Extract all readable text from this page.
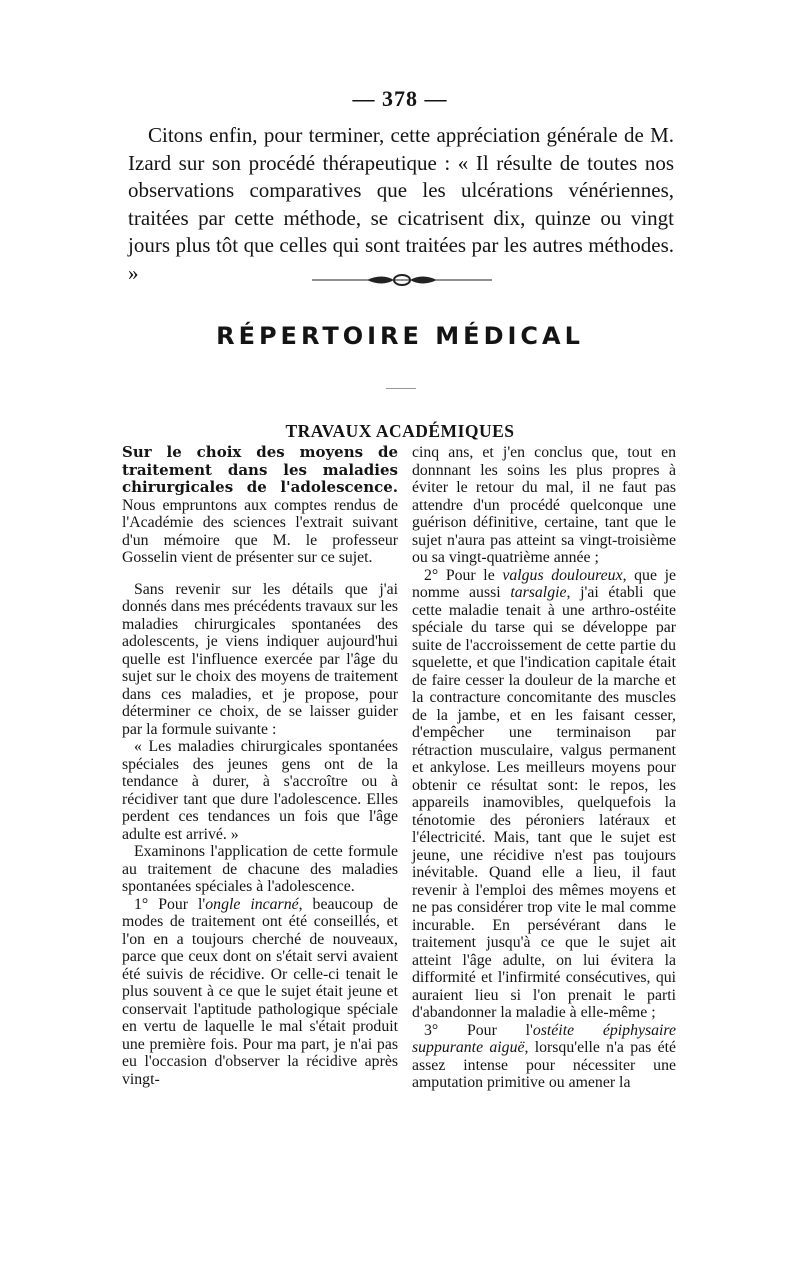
— 378 —

Citons enfin, pour terminer, cette appréciation générale de M. Izard sur son procédé thérapeutique : « Il résulte de toutes nos observations comparatives que les ulcérations vénériennes, traitées par cette méthode, se cicatrisent dix, quinze ou vingt jours plus tôt que celles qui sont traitées par les autres méthodes. »

RÉPERTOIRE MÉDICAL
TRAVAUX ACADÉMIQUES

Sur le choix des moyens de traitement dans les maladies chirurgicales de l'adolescence. Nous empruntons aux comptes rendus de l'Académie des sciences l'extrait suivant d'un mémoire que M. le professeur Gosselin vient de présenter sur ce sujet.

Sans revenir sur les détails que j'ai donnés dans mes précédents travaux sur les maladies chirurgicales spontanées des adolescents, je viens indiquer aujourd'hui quelle est l'influence exercée par l'âge du sujet sur le choix des moyens de traitement dans ces maladies, et je propose, pour déterminer ce choix, de se laisser guider par la formule suivante :

« Les maladies chirurgicales spontanées spéciales des jeunes gens ont de la tendance à durer, à s'accroître ou à récidiver tant que dure l'adolescence. Elles perdent ces tendances un fois que l'âge adulte est arrivé. »

Examinons l'application de cette formule au traitement de chacune des maladies spontanées spéciales à l'adolescence.

1° Pour l'ongle incarné, beaucoup de modes de traitement ont été conseillés, et l'on en a toujours cherché de nouveaux, parce que ceux dont on s'était servi avaient été suivis de récidive. Or celle-ci tenait le plus souvent à ce que le sujet était jeune et conservait l'aptitude pathologique spéciale en vertu de laquelle le mal s'était produit une première fois. Pour ma part, je n'ai pas eu l'occasion d'observer la récidive après vingt-

cinq ans, et j'en conclus que, tout en donnnant les soins les plus propres à éviter le retour du mal, il ne faut pas attendre d'un procédé quelconque une guérison définitive, certaine, tant que le sujet n'aura pas atteint sa vingt-troisième ou sa vingt-quatrième année ;

2° Pour le valgus douloureux, que je nomme aussi tarsalgie, j'ai établi que cette maladie tenait à une arthro-ostéite spéciale du tarse qui se développe par suite de l'accroissement de cette partie du squelette, et que l'indication capitale était de faire cesser la douleur de la marche et la contracture concomitante des muscles de la jambe, et en les faisant cesser, d'empêcher une terminaison par rétraction musculaire, valgus permanent et ankylose. Les meilleurs moyens pour obtenir ce résultat sont: le repos, les appareils inamovibles, quelquefois la ténotomie des péroniers latéraux et l'électricité. Mais, tant que le sujet est jeune, une récidive n'est pas toujours inévitable. Quand elle a lieu, il faut revenir à l'emploi des mêmes moyens et ne pas considérer trop vite le mal comme incurable. En persévérant dans le traitement jusqu'à ce que le sujet ait atteint l'âge adulte, on lui évitera la difformité et l'infirmité consécutives, qui auraient lieu si l'on prenait le parti d'abandonner la maladie à elle-même ;

3° Pour l'ostéite épiphysaire suppurante aiguë, lorsqu'elle n'a pas été assez intense pour nécessiter une amputation primitive ou amener la
